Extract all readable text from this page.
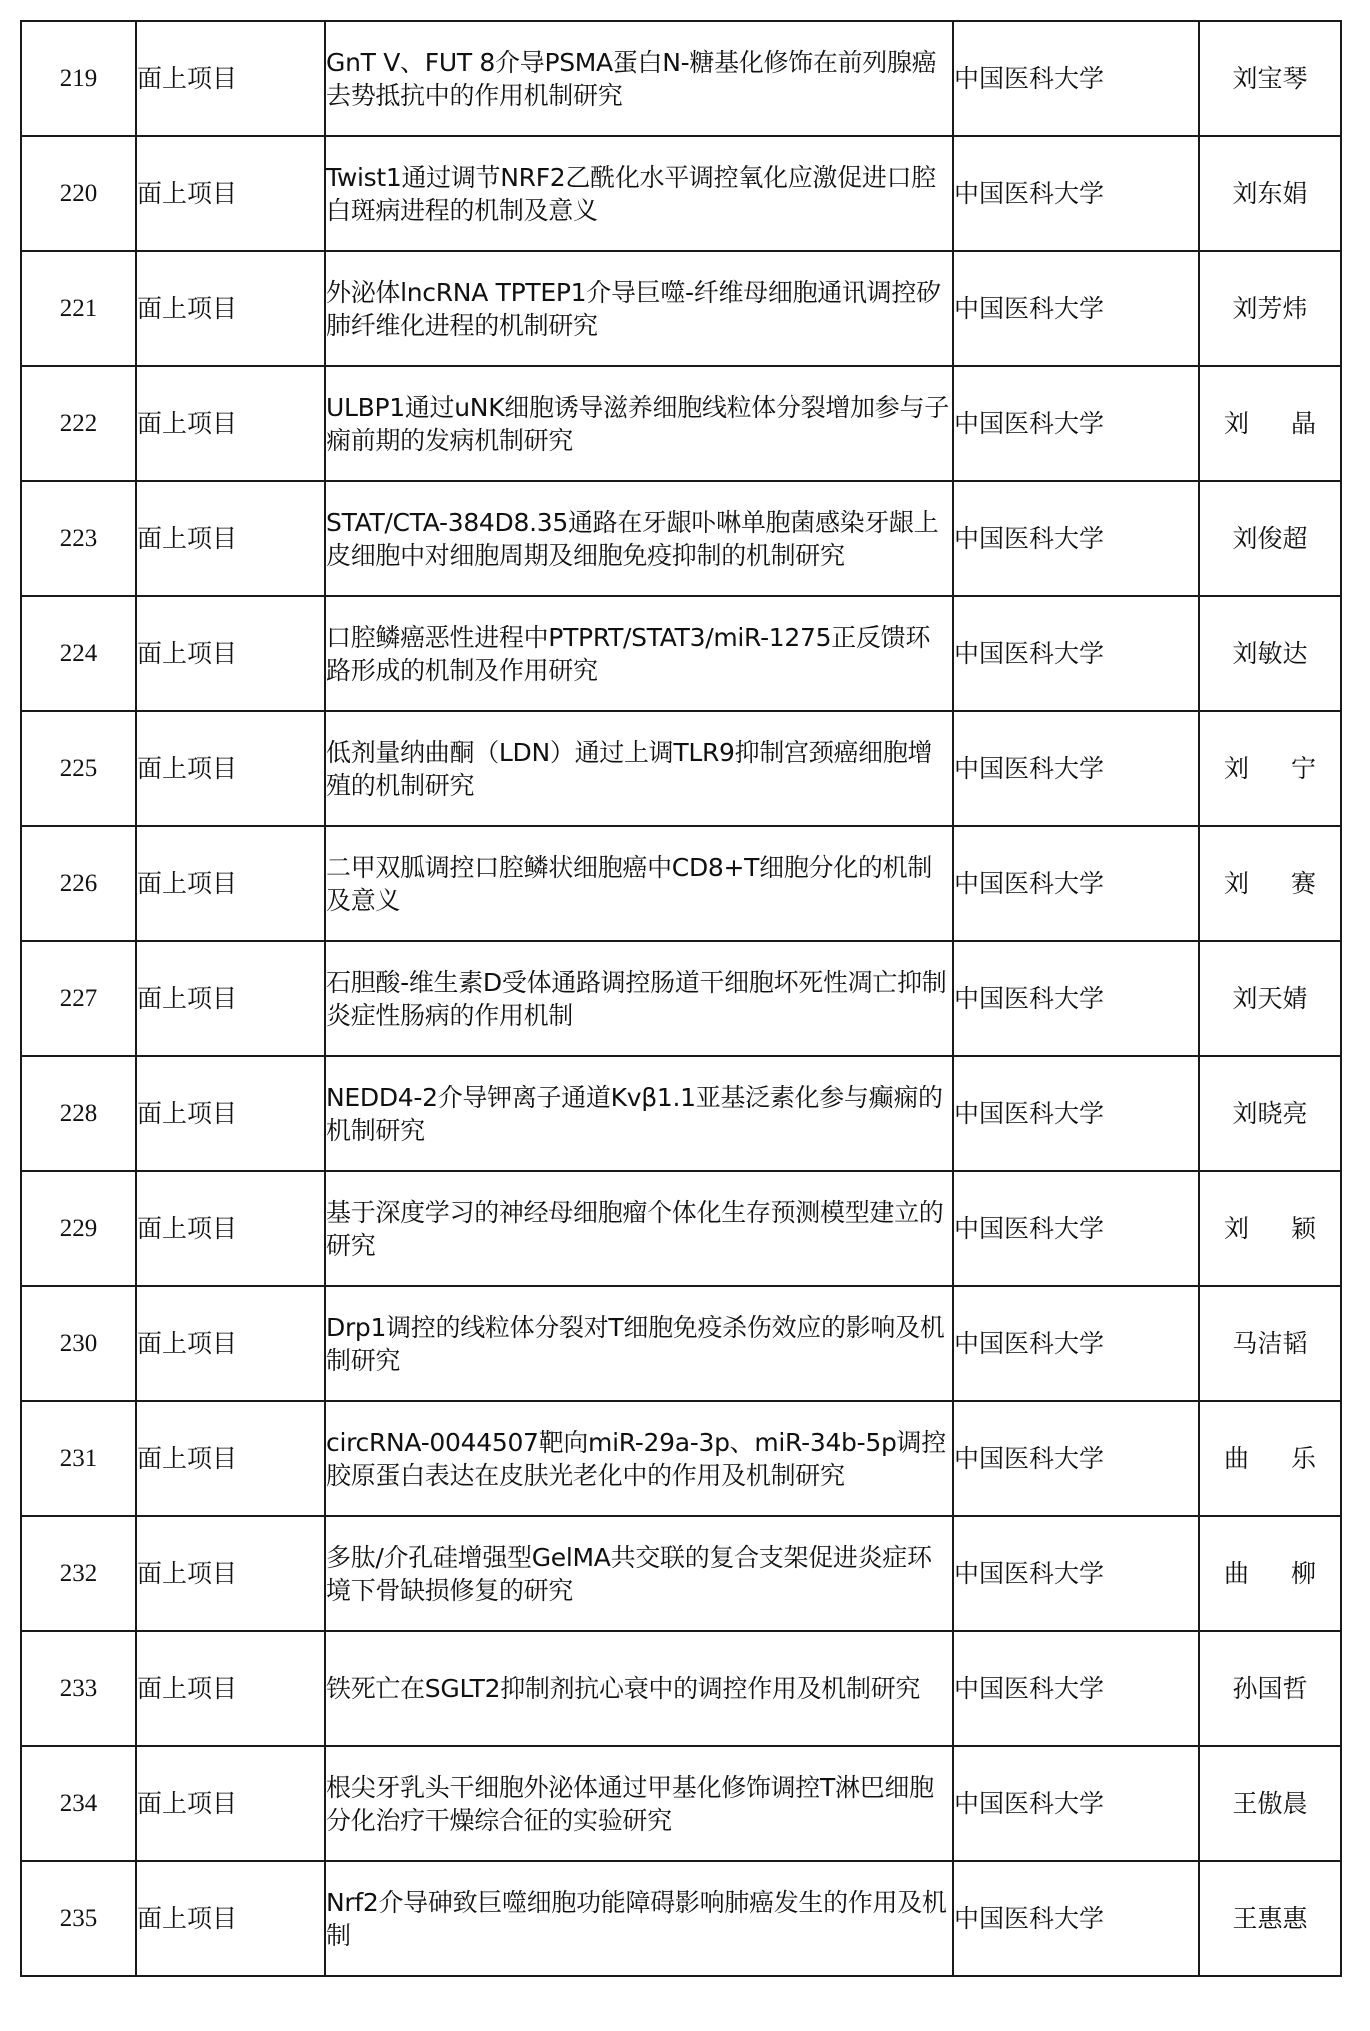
219	面上项目	GnT V、FUT 8介导PSMA蛋白N-糖基化修饰在前列腺癌去势抵抗中的作用机制研究	中国医科大学	刘宝琴
220	面上项目	Twist1通过调节NRF2乙酰化水平调控氧化应激促进口腔白斑病进程的机制及意义	中国医科大学	刘东娟
221	面上项目	外泌体lncRNA TPTEP1介导巨噬-纤维母细胞通讯调控矽肺纤维化进程的机制研究	中国医科大学	刘芳炜
222	面上项目	ULBP1通过uNK细胞诱导滋养细胞线粒体分裂增加参与子痫前期的发病机制研究	中国医科大学	刘 晶
223	面上项目	STAT/CTA-384D8.35通路在牙龈卟啉单胞菌感染牙龈上皮细胞中对细胞周期及细胞免疫抑制的机制研究	中国医科大学	刘俊超
224	面上项目	口腔鳞癌恶性进程中PTPRT/STAT3/miR-1275正反馈环路形成的机制及作用研究	中国医科大学	刘敏达
225	面上项目	低剂量纳曲酮（LDN）通过上调TLR9抑制宫颈癌细胞增殖的机制研究	中国医科大学	刘 宁
226	面上项目	二甲双胍调控口腔鳞状细胞癌中CD8+T细胞分化的机制及意义	中国医科大学	刘 赛
227	面上项目	石胆酸-维生素D受体通路调控肠道干细胞坏死性凋亡抑制炎症性肠病的作用机制	中国医科大学	刘天婧
228	面上项目	NEDD4-2介导钾离子通道Kvβ1.1亚基泛素化参与癫痫的机制研究	中国医科大学	刘晓亮
229	面上项目	基于深度学习的神经母细胞瘤个体化生存预测模型建立的研究	中国医科大学	刘 颖
230	面上项目	Drp1调控的线粒体分裂对T细胞免疫杀伤效应的影响及机制研究	中国医科大学	马洁韬
231	面上项目	circRNA-0044507靶向miR-29a-3p、miR-34b-5p调控胶原蛋白表达在皮肤光老化中的作用及机制研究	中国医科大学	曲 乐
232	面上项目	多肽/介孔硅增强型GelMA共交联的复合支架促进炎症环境下骨缺损修复的研究	中国医科大学	曲 柳
233	面上项目	铁死亡在SGLT2抑制剂抗心衰中的调控作用及机制研究	中国医科大学	孙国哲
234	面上项目	根尖牙乳头干细胞外泌体通过甲基化修饰调控T淋巴细胞分化治疗干燥综合征的实验研究	中国医科大学	王傲晨
235	面上项目	Nrf2介导砷致巨噬细胞功能障碍影响肺癌发生的作用及机制	中国医科大学	王惠惠
